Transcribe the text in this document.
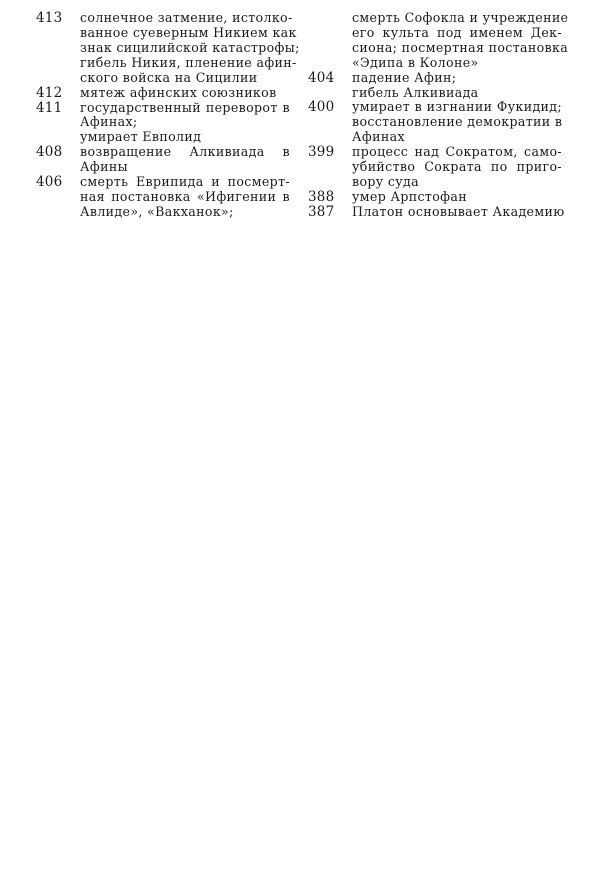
413	солнечное затмение, истолко-
ванное суеверным Никием как
знак сицилийской катастрофы;
гибель Никия, пленение афин-
ского войска на Сицилии
412	мятеж афинских союзников
411	государственный переворот в
Афинах;
умирает Евполид
408	возвращение Алкивиада в
Афины
406	смерть Еврипида и посмерт-
ная постановка «Ифигении в
Авлиде», «Вакханок»;
смерть Софокла и учреждение
его культа под именем Дек-
сиона; посмертная постановка
«Эдипа в Колоне»
404	падение Афин;
гибель Алкивиада
400	умирает в изгнании Фукидид;
восстановление демократии в
Афинах
399	процесс над Сократом, само-
убийство Сократа по приго-
вору суда
388	умер Арпстофан
387	Платон основывает Академию
